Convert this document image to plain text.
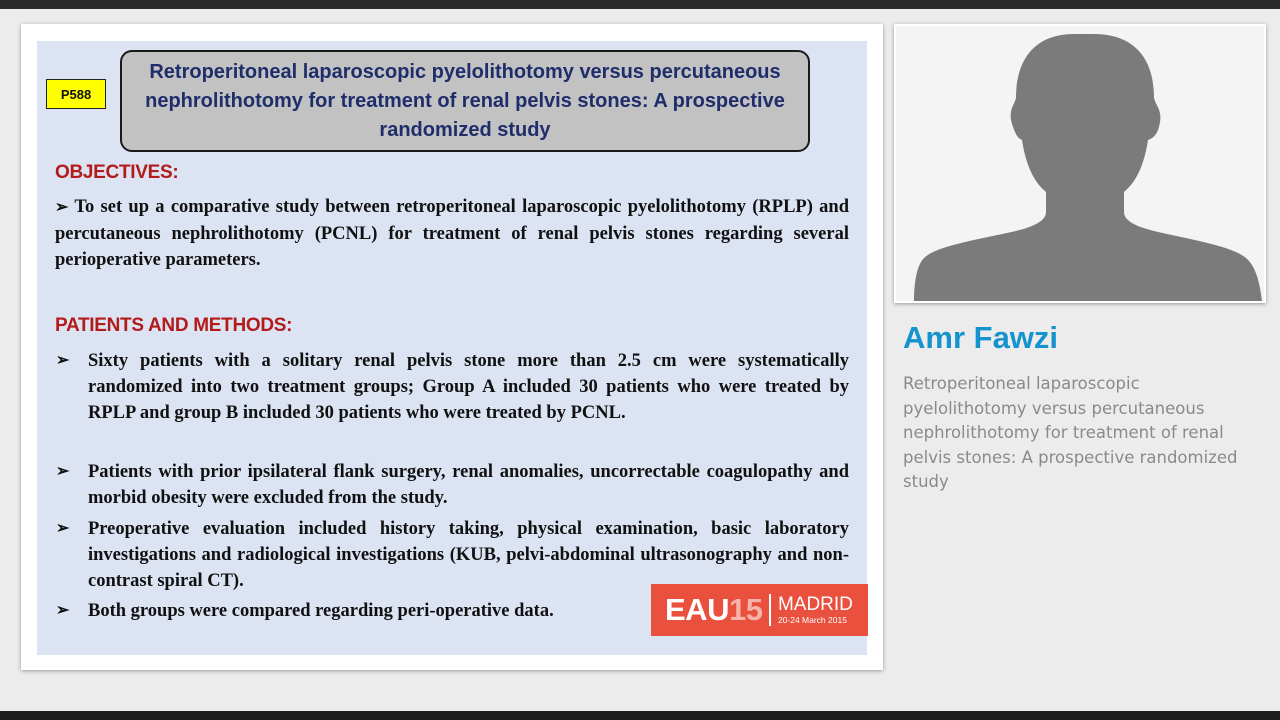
P588
Retroperitoneal laparoscopic pyelolithotomy versus percutaneous nephrolithotomy for treatment of renal pelvis stones: A prospective randomized study
OBJECTIVES:
➢ To set up a comparative study between retroperitoneal laparoscopic pyelolithotomy (RPLP) and percutaneous nephrolithotomy (PCNL) for treatment of renal pelvis stones regarding several perioperative parameters.
PATIENTS AND METHODS:
➢ Sixty patients with a solitary renal pelvis stone more than 2.5 cm were systematically randomized into two treatment groups; Group A included 30 patients who were treated by RPLP and group B included 30 patients who were treated by PCNL.
➢ Patients with prior ipsilateral flank surgery, renal anomalies, uncorrectable coagulopathy and morbid obesity were excluded from the study.
➢ Preoperative evaluation included history taking, physical examination, basic laboratory investigations and radiological investigations (KUB, pelvi-abdominal ultrasonography and non-contrast spiral CT).
➢ Both groups were compared regarding peri-operative data.	EAU 15 MADRID
20-24 March 2015
Amr Fawzi
Retroperitoneal laparoscopic pyelolithotomy versus percutaneous nephrolithotomy for treatment of renal pelvis stones: A prospective randomized study
